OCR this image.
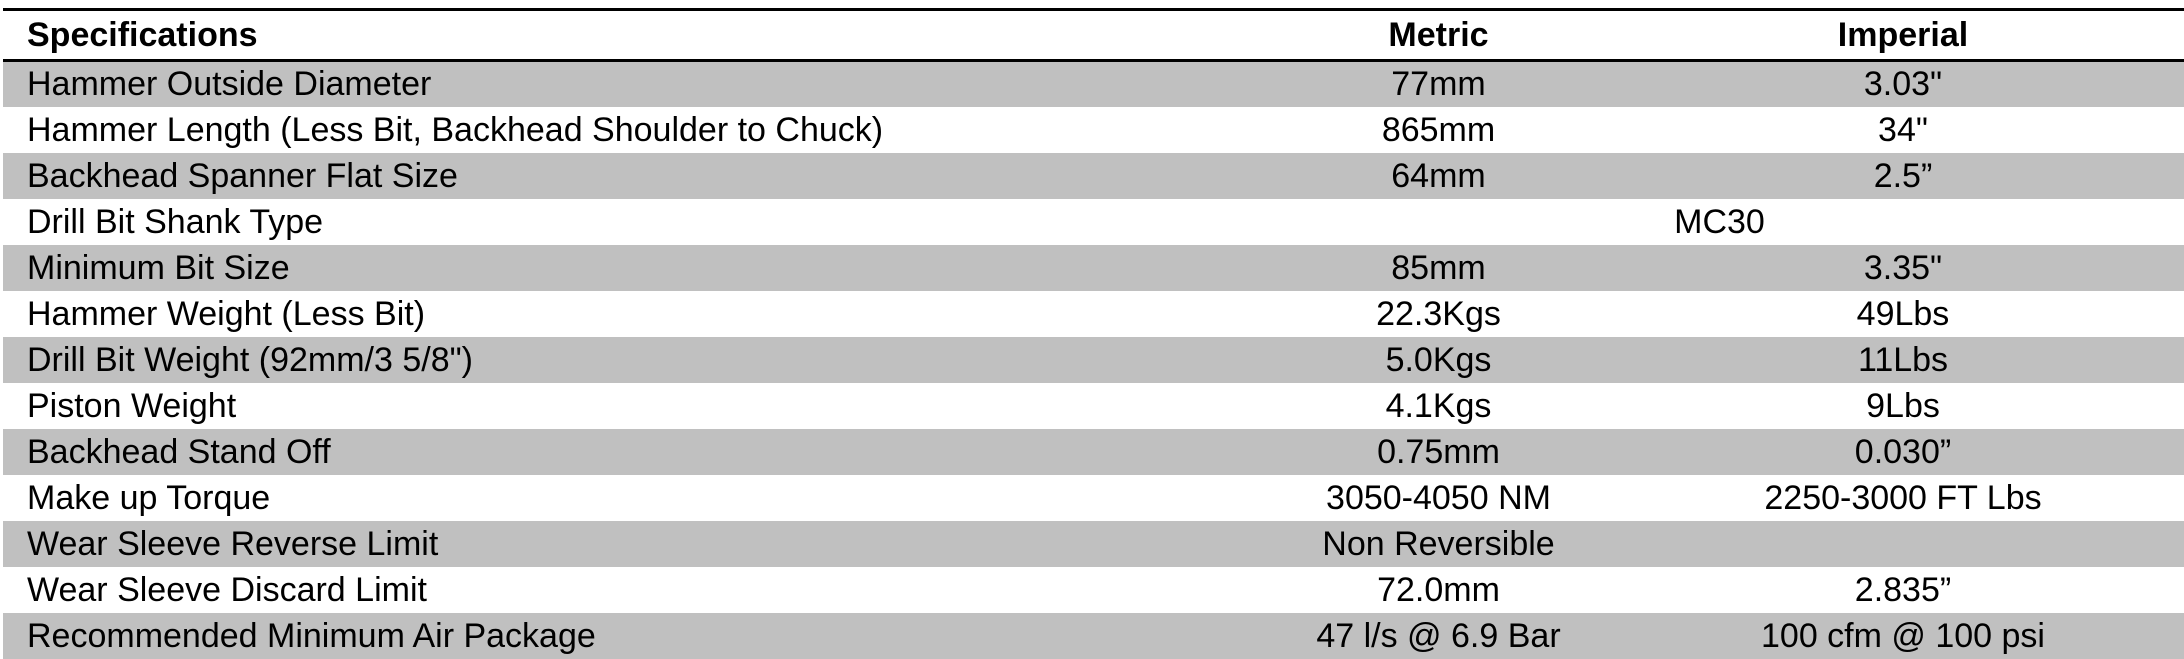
Specifications	Metric	Imperial
Hammer Outside Diameter	77mm	3.03"
Hammer Length (Less Bit, Backhead Shoulder to Chuck)	865mm	34"
Backhead Spanner Flat Size	64mm	2.5”
Drill Bit Shank Type	MC30	
Minimum Bit Size	85mm	3.35"
Hammer Weight (Less Bit)	22.3Kgs	49Lbs
Drill Bit Weight (92mm/3 5/8")	5.0Kgs	11Lbs
Piston Weight	4.1Kgs	9Lbs
Backhead Stand Off	0.75mm	0.030”
Make up Torque	3050-4050 NM	2250-3000 FT Lbs
Wear Sleeve Reverse Limit	Non Reversible	
Wear Sleeve Discard Limit	72.0mm	2.835”
Recommended Minimum Air Package	47 l/s @ 6.9 Bar	100 cfm @ 100 psi
